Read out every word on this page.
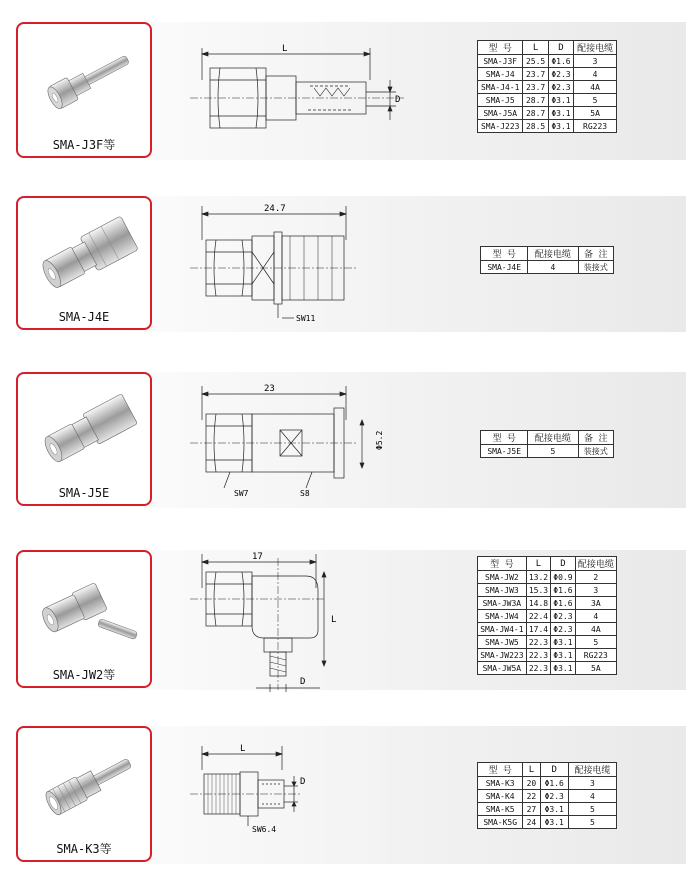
SMA-J3F等
L
D
型 号	L	D	配接电缆
SMA-J3F	25.5	Φ1.6	3
SMA-J4	23.7	Φ2.3	4
SMA-J4-1	23.7	Φ2.3	4A
SMA-J5	28.7	Φ3.1	5
SMA-J5A	28.7	Φ3.1	5A
SMA-J223	28.5	Φ3.1	RG223
SMA-J4E
24.7
SW11
型 号	配接电缆	备 注
SMA-J4E	4	装接式
SMA-J5E
23
Φ5.2
SW7	S8
型 号	配接电缆	备 注
SMA-J5E	5	装接式
SMA-JW2等
17
L
D
型 号	L	D	配接电缆
SMA-JW2	13.2	Φ0.9	2
SMA-JW3	15.3	Φ1.6	3
SMA-JW3A	14.8	Φ1.6	3A
SMA-JW4	22.4	Φ2.3	4
SMA-JW4-1	17.4	Φ2.3	4A
SMA-JW5	22.3	Φ3.1	5
SMA-JW223	22.3	Φ3.1	RG223
SMA-JW5A	22.3	Φ3.1	5A
SMA-K3等
L
D
SW6.4
型 号	L	D	配接电缆
SMA-K3	20	Φ1.6	3
SMA-K4	22	Φ2.3	4
SMA-K5	27	Φ3.1	5
SMA-K5G	24	Φ3.1	5
